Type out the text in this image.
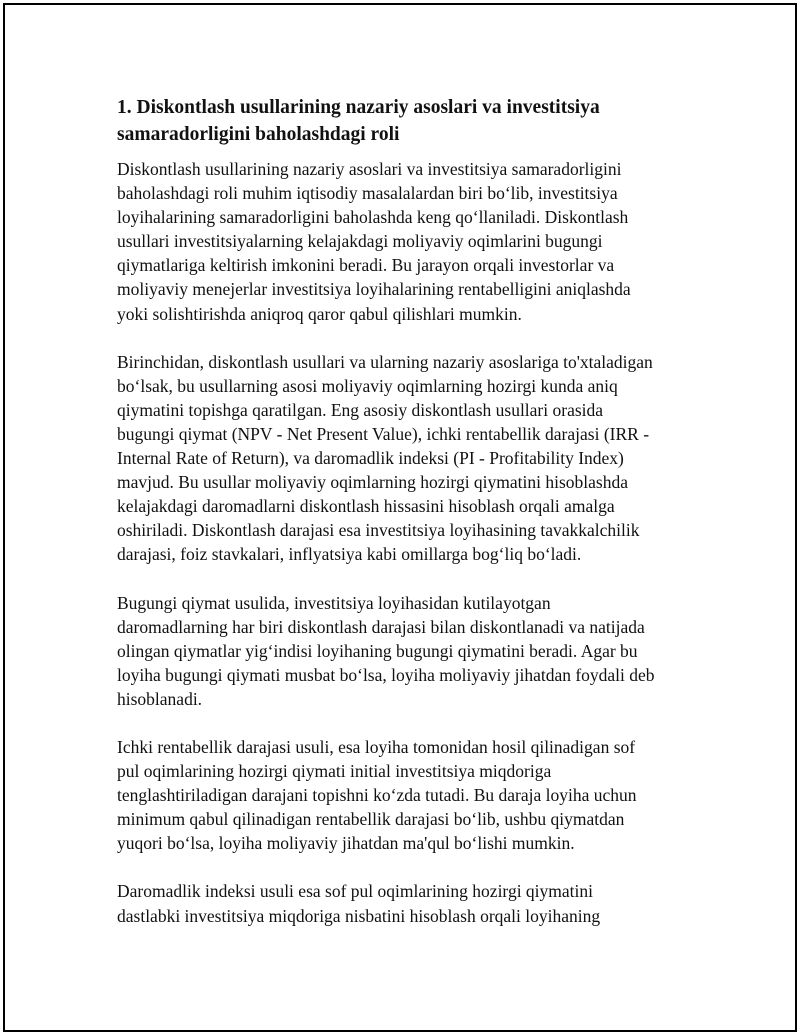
1. Diskontlash usullarining nazariy asoslari va investitsiya
samaradorligini baholashdagi roli

Diskontlash usullarining nazariy asoslari va investitsiya samaradorligini
baholashdagi roli muhim iqtisodiy masalalardan biri bo‘lib, investitsiya
loyihalarining samaradorligini baholashda keng qo‘llaniladi. Diskontlash
usullari investitsiyalarning kelajakdagi moliyaviy oqimlarini bugungi
qiymatlariga keltirish imkonini beradi. Bu jarayon orqali investorlar va
moliyaviy menejerlar investitsiya loyihalarining rentabelligini aniqlashda
yoki solishtirishda aniqroq qaror qabul qilishlari mumkin.

Birinchidan, diskontlash usullari va ularning nazariy asoslariga to'xtaladigan
bo‘lsak, bu usullarning asosi moliyaviy oqimlarning hozirgi kunda aniq
qiymatini topishga qaratilgan. Eng asosiy diskontlash usullari orasida
bugungi qiymat (NPV - Net Present Value), ichki rentabellik darajasi (IRR -
Internal Rate of Return), va daromadlik indeksi (PI - Profitability Index)
mavjud. Bu usullar moliyaviy oqimlarning hozirgi qiymatini hisoblashda
kelajakdagi daromadlarni diskontlash hissasini hisoblash orqali amalga
oshiriladi. Diskontlash darajasi esa investitsiya loyihasining tavakkalchilik
darajasi, foiz stavkalari, inflyatsiya kabi omillarga bog‘liq bo‘ladi.

Bugungi qiymat usulida, investitsiya loyihasidan kutilayotgan
daromadlarning har biri diskontlash darajasi bilan diskontlanadi va natijada
olingan qiymatlar yig‘indisi loyihaning bugungi qiymatini beradi. Agar bu
loyiha bugungi qiymati musbat bo‘lsa, loyiha moliyaviy jihatdan foydali deb
hisoblanadi.

Ichki rentabellik darajasi usuli, esa loyiha tomonidan hosil qilinadigan sof
pul oqimlarining hozirgi qiymati initial investitsiya miqdoriga
tenglashtiriladigan darajani topishni ko‘zda tutadi. Bu daraja loyiha uchun
minimum qabul qilinadigan rentabellik darajasi bo‘lib, ushbu qiymatdan
yuqori bo‘lsa, loyiha moliyaviy jihatdan ma'qul bo‘lishi mumkin.

Daromadlik indeksi usuli esa sof pul oqimlarining hozirgi qiymatini
dastlabki investitsiya miqdoriga nisbatini hisoblash orqali loyihaning
